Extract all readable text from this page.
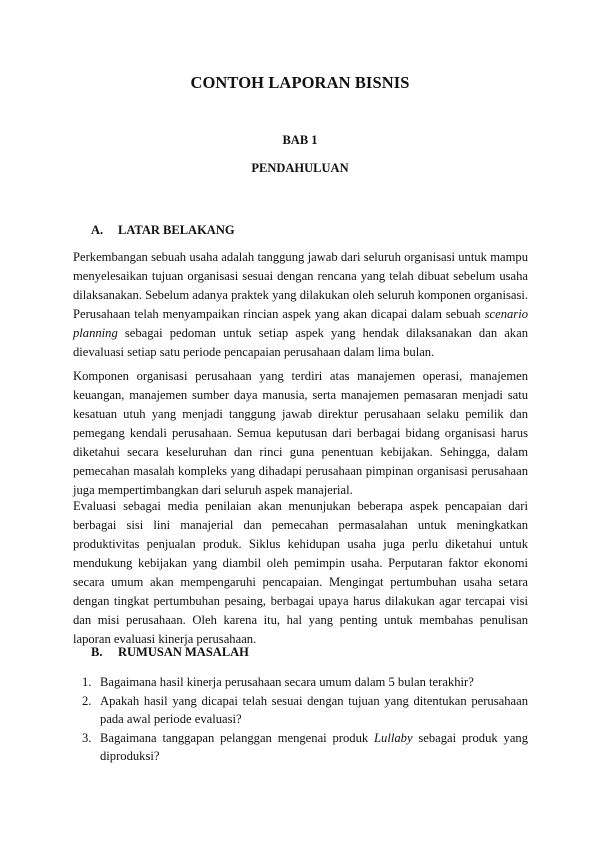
CONTOH LAPORAN BISNIS
BAB 1
PENDAHULUAN
A.	LATAR BELAKANG

Perkembangan sebuah usaha adalah tanggung jawab dari seluruh organisasi untuk mampu menyelesaikan tujuan organisasi sesuai dengan rencana yang telah dibuat sebelum usaha dilaksanakan. Sebelum adanya praktek yang dilakukan oleh seluruh komponen organisasi. Perusahaan telah menyampaikan rincian aspek yang akan dicapai dalam sebuah scenario planning sebagai pedoman untuk setiap aspek yang hendak dilaksanakan dan akan dievaluasi setiap satu periode pencapaian perusahaan dalam lima bulan.

Komponen organisasi perusahaan yang terdiri atas manajemen operasi, manajemen keuangan, manajemen sumber daya manusia, serta manajemen pemasaran menjadi satu kesatuan utuh yang menjadi tanggung jawab direktur perusahaan selaku pemilik dan pemegang kendali perusahaan. Semua keputusan dari berbagai bidang organisasi harus diketahui secara keseluruhan dan rinci guna penentuan kebijakan. Sehingga, dalam pemecahan masalah kompleks yang dihadapi perusahaan pimpinan organisasi perusahaan juga mempertimbangkan dari seluruh aspek manajerial.

Evaluasi sebagai media penilaian akan menunjukan beberapa aspek pencapaian dari berbagai sisi lini manajerial dan pemecahan permasalahan untuk meningkatkan produktivitas penjualan produk. Siklus kehidupan usaha juga perlu diketahui untuk mendukung kebijakan yang diambil oleh pemimpin usaha. Perputaran faktor ekonomi secara umum akan mempengaruhi pencapaian. Mengingat pertumbuhan usaha setara dengan tingkat pertumbuhan pesaing, berbagai upaya harus dilakukan agar tercapai visi dan misi perusahaan. Oleh karena itu, hal yang penting untuk membahas penulisan laporan evaluasi kinerja perusahaan.

B.	RUMUSAN MASALAH
1. Bagaimana hasil kinerja perusahaan secara umum dalam 5 bulan terakhir?
2. Apakah hasil yang dicapai telah sesuai dengan tujuan yang ditentukan perusahaan pada awal periode evaluasi?
3. Bagaimana tanggapan pelanggan mengenai produk Lullaby sebagai produk yang diproduksi?
